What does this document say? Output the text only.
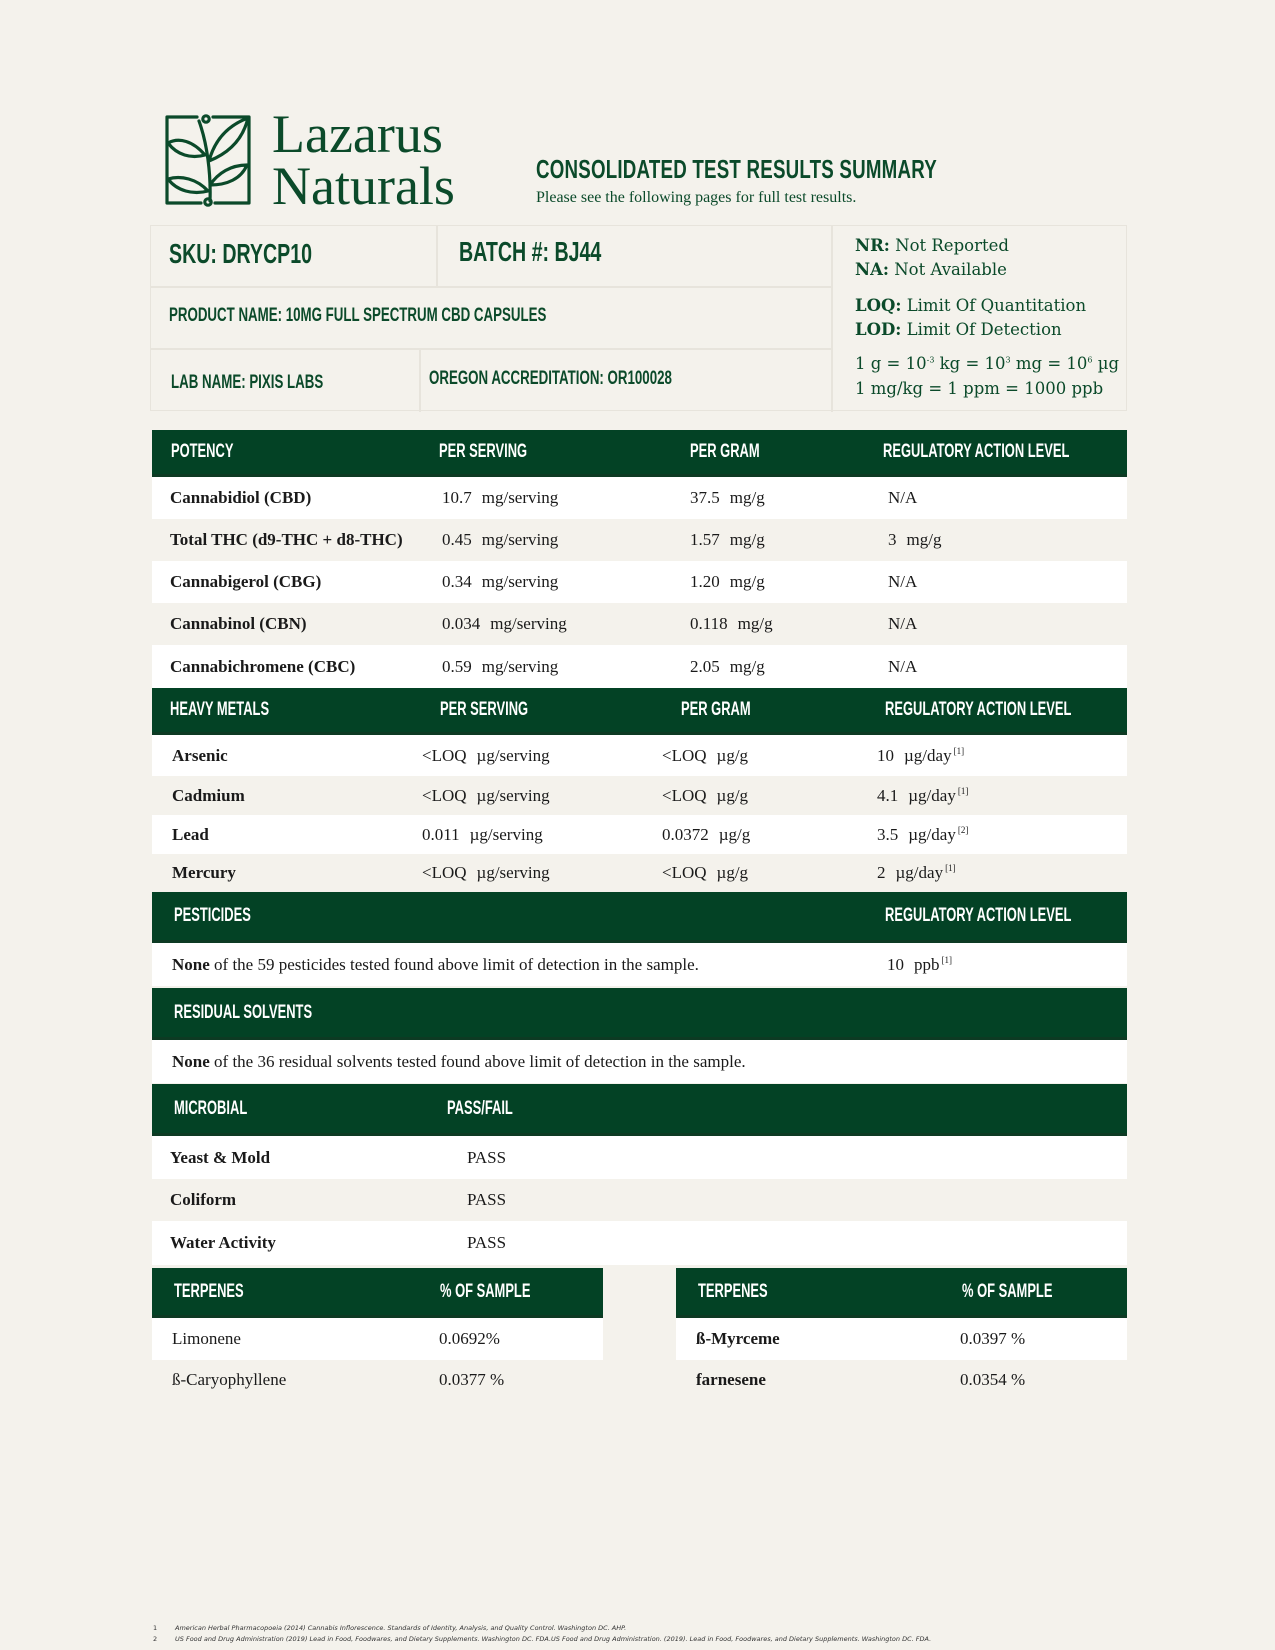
Lazarus
Naturals	CONSOLIDATED TEST RESULTS SUMMARY
Please see the following pages for full test results.
SKU: DRYCP10	BATCH #: BJ44
PRODUCT NAME: 10MG FULL SPECTRUM CBD CAPSULES
LAB NAME: PIXIS LABS	OREGON ACCREDITATION: OR100028
NR: Not Reported
NA: Not Available
LOQ: Limit Of Quantitation
LOD: Limit Of Detection
1 $g = 10^{-3}$ kg = $10^3$ mg = $10^6$ µg
1 mg/kg = 1 ppm = 1000 ppb
POTENCY	PER SERVING	PER GRAM	REGULATORY ACTION LEVEL
Cannabidiol (CBD)	10.7 mg/serving	37.5 mg/g	N/A
Total THC (d9-THC + d8-THC) 0.45 mg/serving	1.57 mg/g	3 mg/g
Cannabigerol (CBG)	0.34 mg/serving	1.20 mg/g	N/A
Cannabinol (CBN)	0.034 mg/serving	0.118 mg/g	N/A
Cannabichromene (CBC)	0.59 mg/serving	2.05 mg/g	N/A
HEAVY METALS	PER SERVING	PER GRAM	REGULATORY ACTION LEVEL
Arsenic	<LOQ µg/serving	<LOQ µg/g	10 µg/day [1]
Cadmium	<LOQ µg/serving	<LOQ µg/g	4.1 µg/day [1]
Lead	0.011 µg/serving	0.0372 µg/g	3.5 µg/day [2]
Mercury	<LOQ µg/serving	<LOQ µg/g	2 µg/day [1]
PESTICIDES	REGULATORY ACTION LEVEL
None of the 59 pesticides tested found above limit of detection in the sample.	10 ppb [1]
RESIDUAL SOLVENTS
None of the 36 residual solvents tested found above limit of detection in the sample.
MICROBIAL	PASS/FAIL
Yeast & Mold	PASS
Coliform	PASS
Water Activity	PASS
TERPENES	% OF SAMPLE	TERPENES	% OF SAMPLE
Limonene	0.0692%
ß-Caryophyllene	0.0377 %
ß-Myrceme	0.0397 %
farnesene	0.0354 %
1	American Herbal Pharmacopoeia (2014) Cannabis Inflorescence. Standards of Identity, Analysis, and Quality Control. Washington DC. AHP.
2	US Food and Drug Administration (2019) Lead in Food, Foodwares, and Dietary Supplements. Washington DC. FDA.US Food and Drug Administration. (2019). Lead in Food, Foodwares, and Dietary Supplements. Washington DC. FDA.
